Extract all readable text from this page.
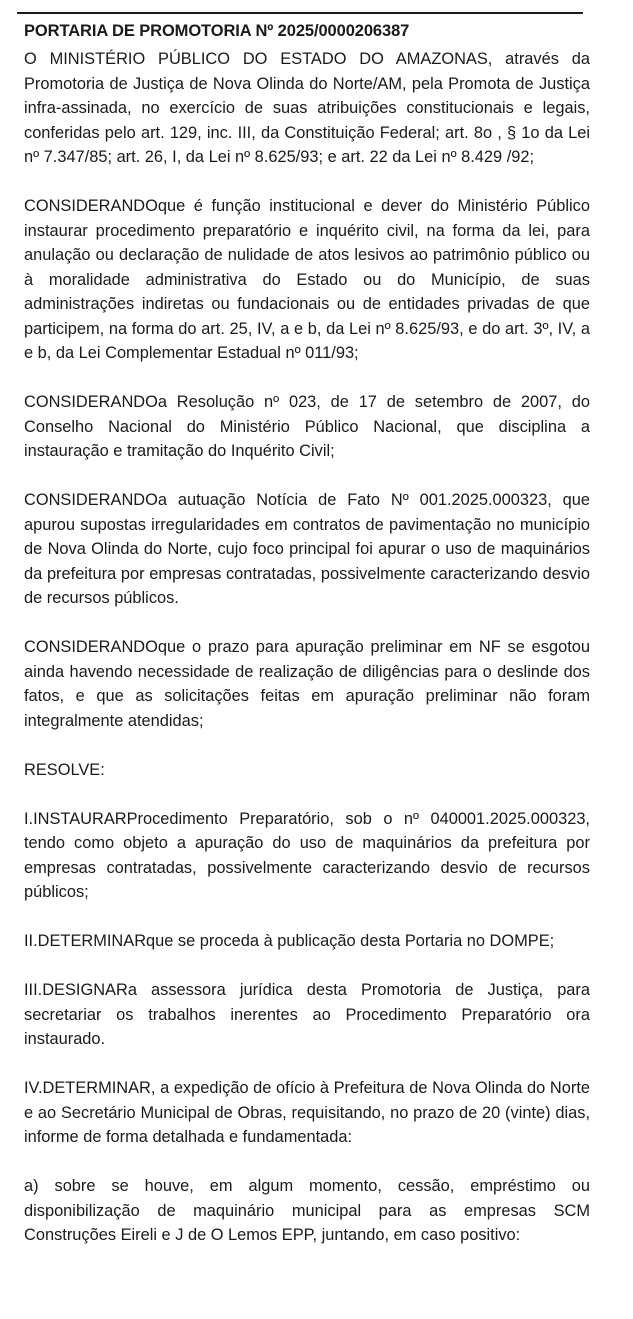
PORTARIA DE PROMOTORIA Nº 2025/0000206387

O MINISTÉRIO PÚBLICO DO ESTADO DO AMAZONAS, através da Promotoria de Justiça de Nova Olinda do Norte/AM, pela Promota de Justiça infra-assinada, no exercício de suas atribuições constitucionais e legais, conferidas pelo art. 129, inc. III, da Constituição Federal; art. 8o , § 1o da Lei nº 7.347/85; art. 26, I, da Lei nº 8.625/93; e art. 22 da Lei nº 8.429 /92;

CONSIDERANDOque é função institucional e dever do Ministério Público instaurar procedimento preparatório e inquérito civil, na forma da lei, para anulação ou declaração de nulidade de atos lesivos ao patrimônio público ou à moralidade administrativa do Estado ou do Município, de suas administrações indiretas ou fundacionais ou de entidades privadas de que participem, na forma do art. 25, IV, a e b, da Lei nº 8.625/93, e do art. 3º, IV, a e b, da Lei Complementar Estadual nº 011/93;

CONSIDERANDOa Resolução nº 023, de 17 de setembro de 2007, do Conselho Nacional do Ministério Público Nacional, que disciplina a instauração e tramitação do Inquérito Civil;

CONSIDERANDOa autuação Notícia de Fato Nº 001.2025.000323, que apurou supostas irregularidades em contratos de pavimentação no município de Nova Olinda do Norte, cujo foco principal foi apurar o uso de maquinários da prefeitura por empresas contratadas, possivelmente caracterizando desvio de recursos públicos.

CONSIDERANDOque o prazo para apuração preliminar em NF se esgotou ainda havendo necessidade de realização de diligências para o deslinde dos fatos, e que as solicitações feitas em apuração preliminar não foram integralmente atendidas;

RESOLVE:

I.INSTAURARProcedimento Preparatório, sob o nº 040001.2025.000323, tendo como objeto a apuração do uso de maquinários da prefeitura por empresas contratadas, possivelmente caracterizando desvio de recursos públicos;

II.DETERMINARque se proceda à publicação desta Portaria no DOMPE;

III.DESIGNARa assessora jurídica desta Promotoria de Justiça, para secretariar os trabalhos inerentes ao Procedimento Preparatório ora instaurado.

IV.DETERMINAR, a expedição de ofício à Prefeitura de Nova Olinda do Norte e ao Secretário Municipal de Obras, requisitando, no prazo de 20 (vinte) dias, informe de forma detalhada e fundamentada:

a) sobre se houve, em algum momento, cessão, empréstimo ou disponibilização de maquinário municipal para as empresas SCM Construções Eireli e J de O Lemos EPP, juntando, em caso positivo:
